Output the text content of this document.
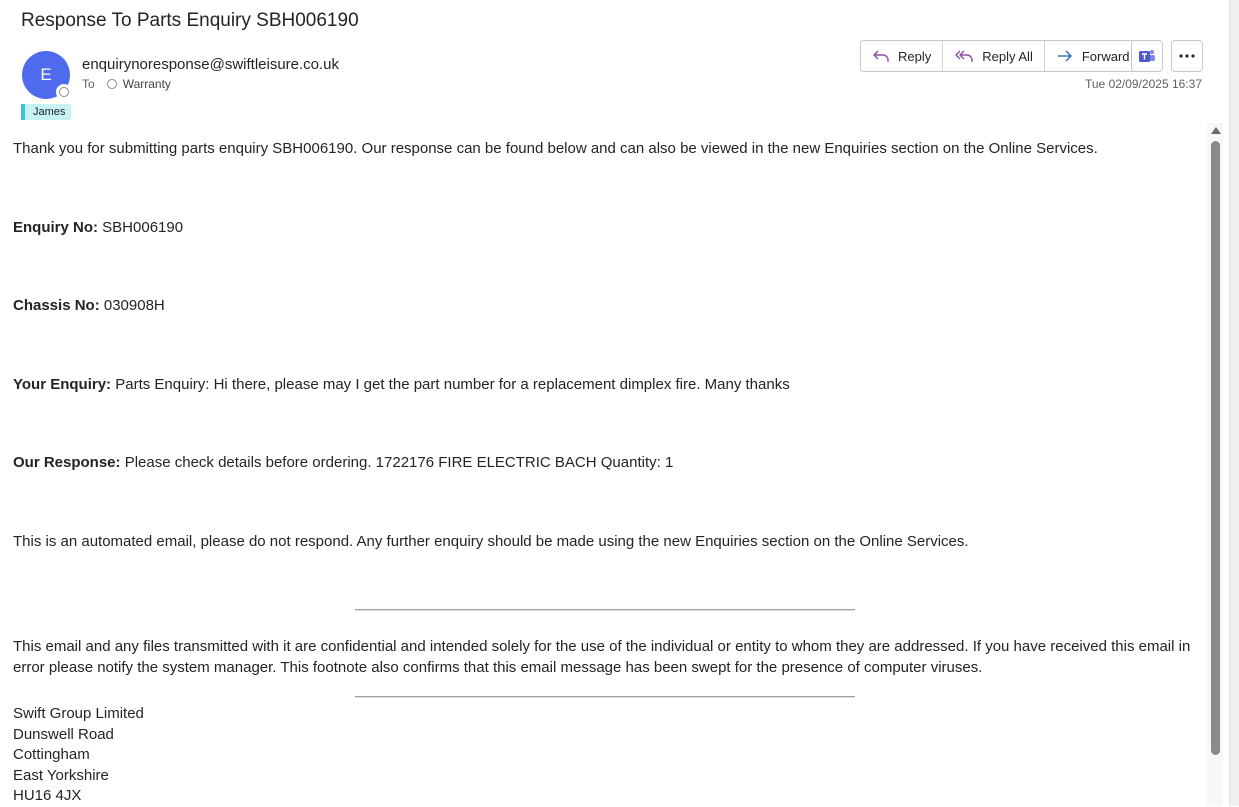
Response To Parts Enquiry SBH006190
E
enquirynoresponse@swiftleisure.co.uk
To Warranty
James
Reply	Reply All	Forward
Tue 02/09/2025 16:37
Thank you for submitting parts enquiry SBH006190. Our response can be found below and can also be viewed in the new Enquiries section on the Online Services.
Enquiry No: SBH006190
Chassis No: 030908H
Your Enquiry: Parts Enquiry: Hi there, please may I get the part number for a replacement dimplex fire. Many thanks
Our Response: Please check details before ordering. 1722176 FIRE ELECTRIC BACH Quantity: 1
This is an automated email, please do not respond. Any further enquiry should be made using the new Enquiries section on the Online Services.
This email and any files transmitted with it are confidential and intended solely for the use of the individual or entity to whom they are addressed. If you have received this email in error please notify the system manager. This footnote also confirms that this email message has been swept for the presence of computer viruses.
Swift Group Limited
Dunswell Road
Cottingham
East Yorkshire
HU16 4JX
